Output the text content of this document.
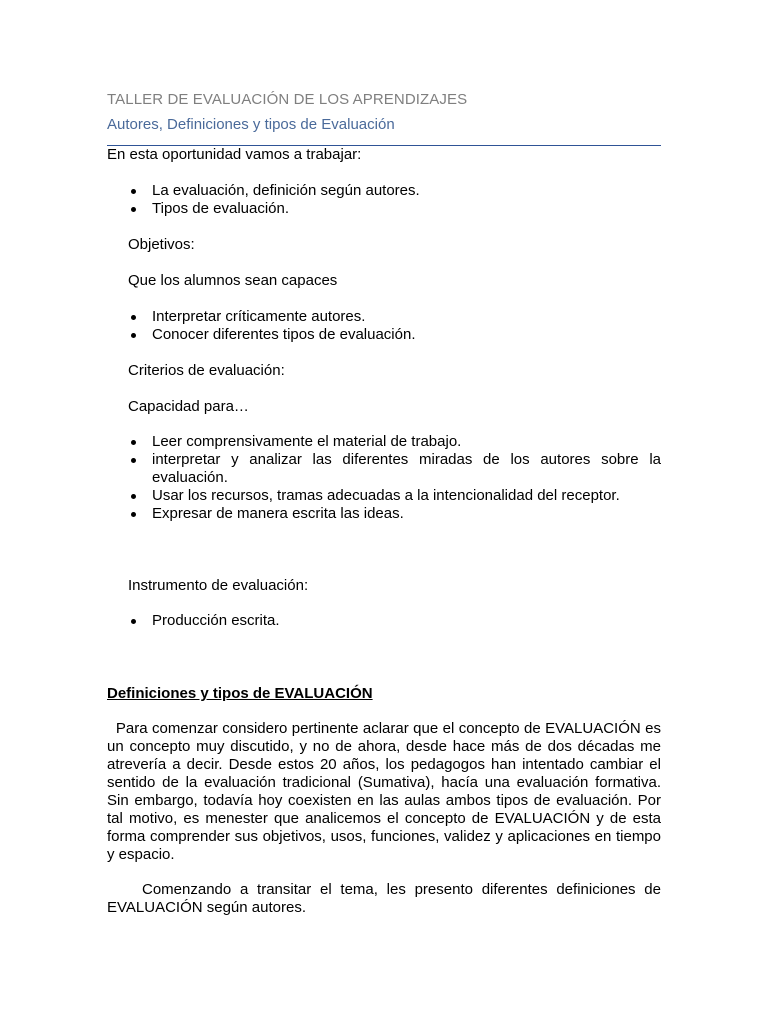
TALLER DE EVALUACIÓN DE LOS APRENDIZAJES
Autores, Definiciones y tipos de Evaluación

En esta oportunidad vamos a trabajar:

La evaluación, definición según autores.
Tipos de evaluación.

Objetivos:

Que los alumnos sean capaces

Interpretar críticamente autores.
Conocer diferentes tipos de evaluación.

Criterios de evaluación:

Capacidad para…

Leer comprensivamente el material de trabajo.
interpretar y analizar las diferentes miradas de los autores sobre la evaluación.
Usar los recursos, tramas adecuadas a la intencionalidad del receptor.
Expresar de manera escrita las ideas.

Instrumento de evaluación:

Producción escrita.
Definiciones y tipos de EVALUACIÓN

Para comenzar considero pertinente aclarar que el concepto de EVALUACIÓN es un concepto muy discutido, y no de ahora, desde hace más de dos décadas me atrevería a decir. Desde estos 20 años, los pedagogos han intentado cambiar el sentido de la evaluación tradicional (Sumativa), hacía una evaluación formativa. Sin embargo, todavía hoy coexisten en las aulas ambos tipos de evaluación. Por tal motivo, es menester que analicemos el concepto de EVALUACIÓN y de esta forma comprender sus objetivos, usos, funciones, validez y aplicaciones en tiempo y espacio.

Comenzando a transitar el tema, les presento diferentes definiciones de EVALUACIÓN según autores.
